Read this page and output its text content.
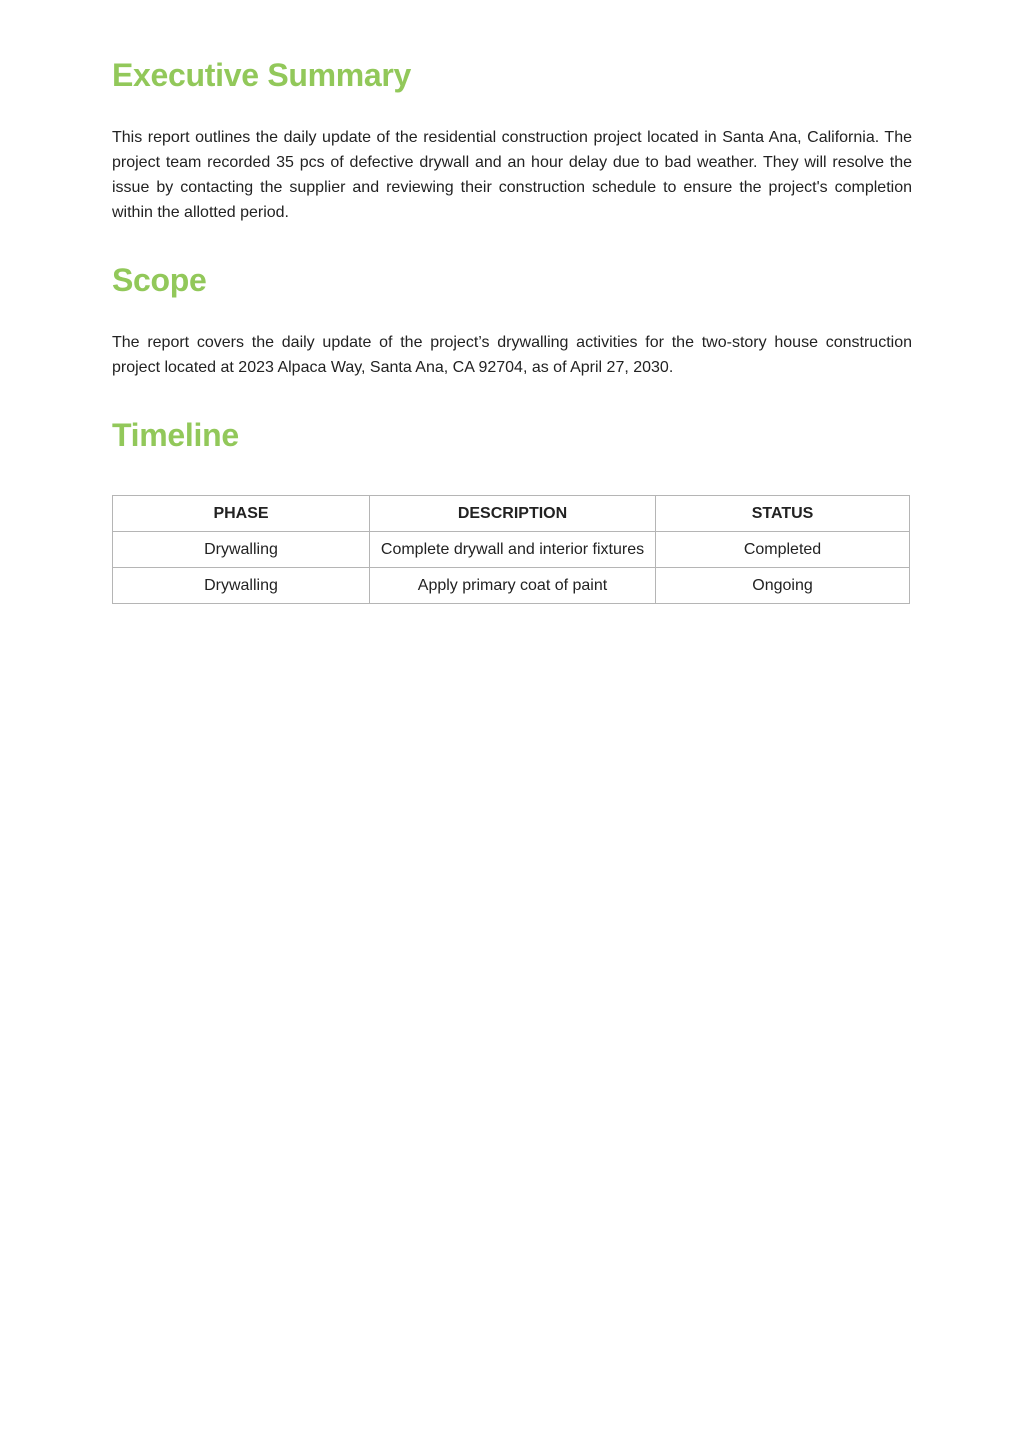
Executive Summary

This report outlines the daily update of the residential construction project located in Santa Ana, California. The project team recorded 35 pcs of defective drywall and an hour delay due to bad weather. They will resolve the issue by contacting the supplier and reviewing their construction schedule to ensure the project's completion within the allotted period.

Scope

The report covers the daily update of the project’s drywalling activities for the two-story house construction project located at 2023 Alpaca Way, Santa Ana, CA 92704, as of April 27, 2030.

Timeline
PHASE	DESCRIPTION	STATUS
Drywalling	Complete drywall and interior fixtures	Completed
Drywalling	Apply primary coat of paint	Ongoing
